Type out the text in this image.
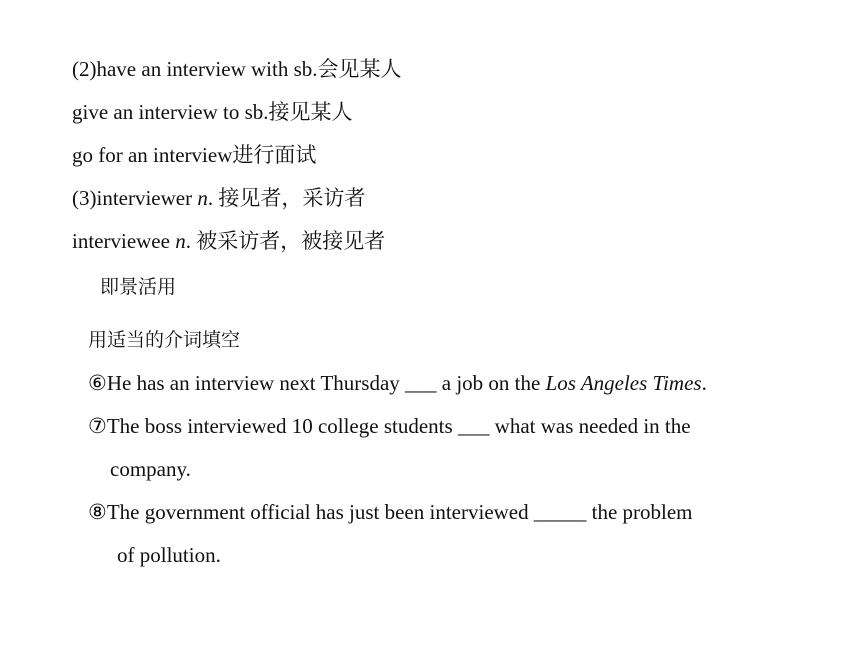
(2)have an interview with sb.会见某人
give an interview to sb.接见某人
go for an interview进行面试
(3)interviewer n. 接见者，采访者
interviewee n. 被采访者，被接见者
即景活用
用适当的介词填空
⑥He has an interview next Thursday ___ a job on the Los Angeles Times.
⑦The boss interviewed 10 college students ___ what was needed in the
company.
⑧The government official has just been interviewed _____ the problem
of pollution.
